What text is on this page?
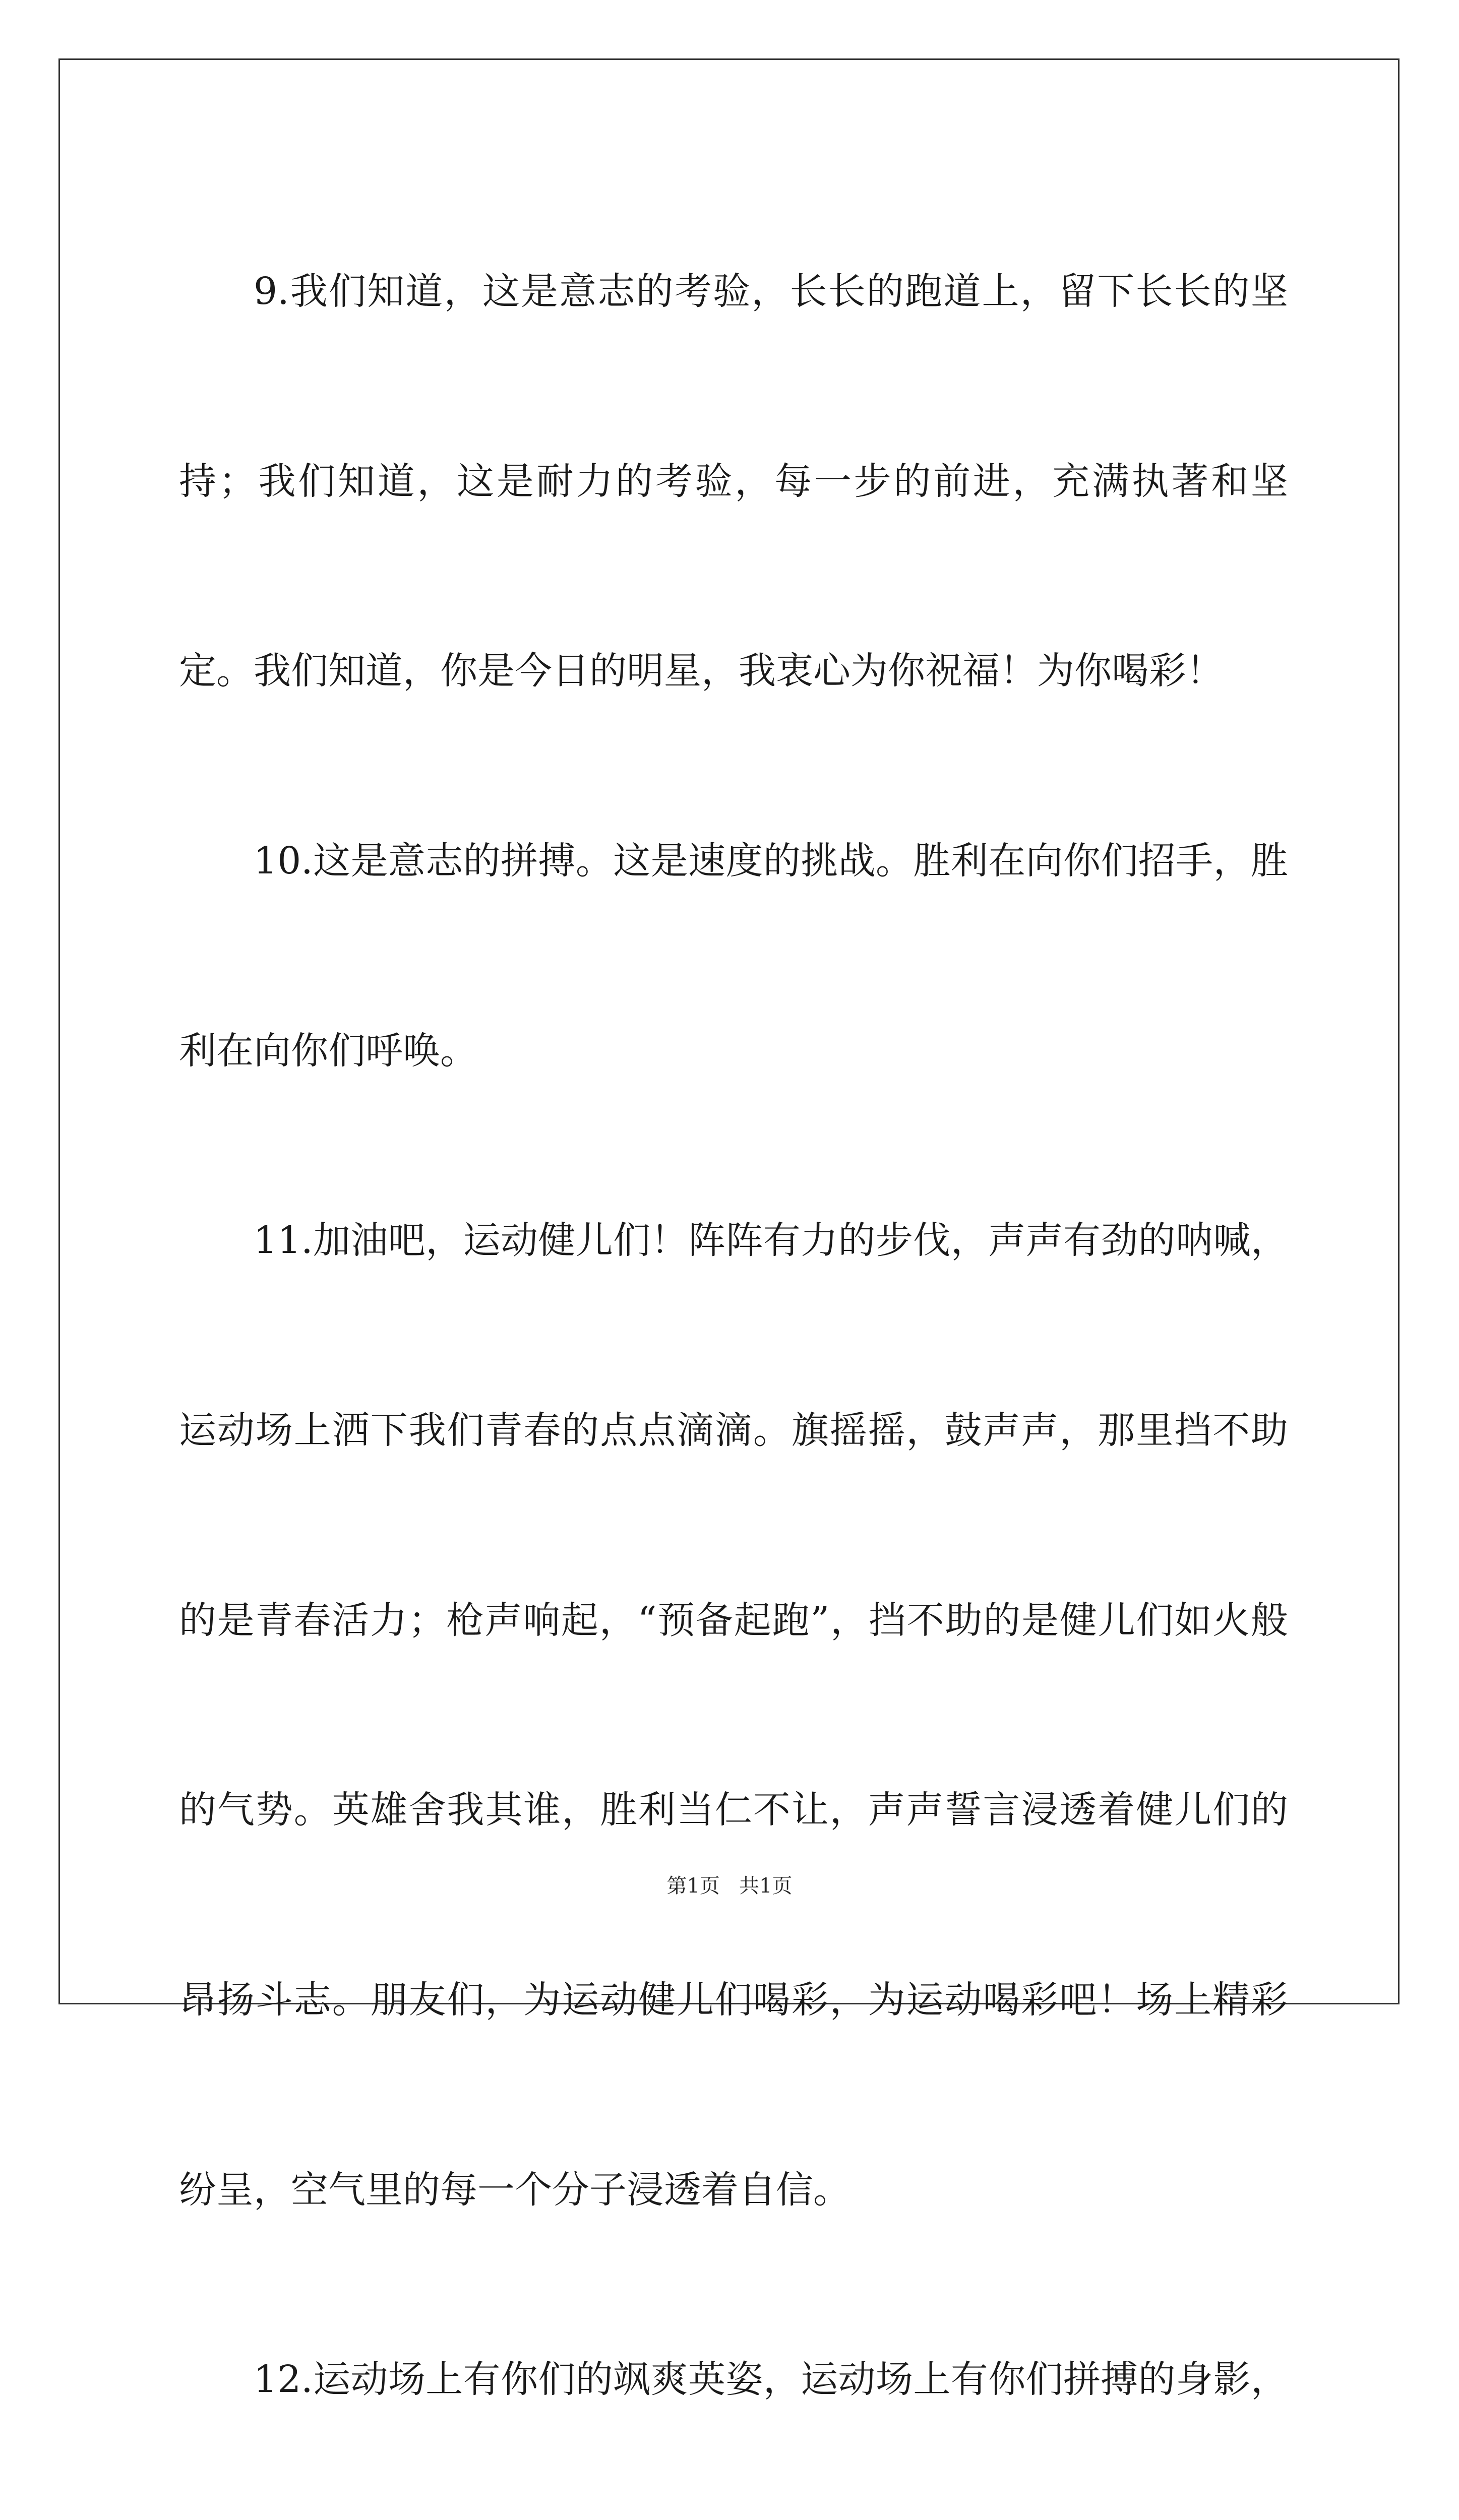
9.我们知道，这是意志的考验，长长的跑道上，留下长长的坚持；我们知道，这是耐力的考验，每一步的前进，充满执著和坚定。我们知道，你是今日的明星，我衷心为你祝福！为你喝彩！

10.这是意志的拼搏。这是速度的挑战。胜利在向你们招手，胜利在向你们呼唤。

11.加油吧，运动健儿们！阵阵有力的步伐，声声有劲的呐喊，运动场上洒下我们青春的点点滴滴。旗摇摇，鼓声声，那里挡不助的是青春活力；枪声响起，“预备起跑”，挡不助的是健儿们如火般的气势。英雄舍我其谁，胜利当仁不让，声声誓言浸透着健儿们的昂扬斗志。朋友们，为运动健儿们喝彩，为运动喝彩吧！场上精彩纷呈，空气里的每一个分子浸透着自信。

12.运动场上有你们的飒爽英姿，运动场上有你们拼搏的身影，

第1页   共1页
